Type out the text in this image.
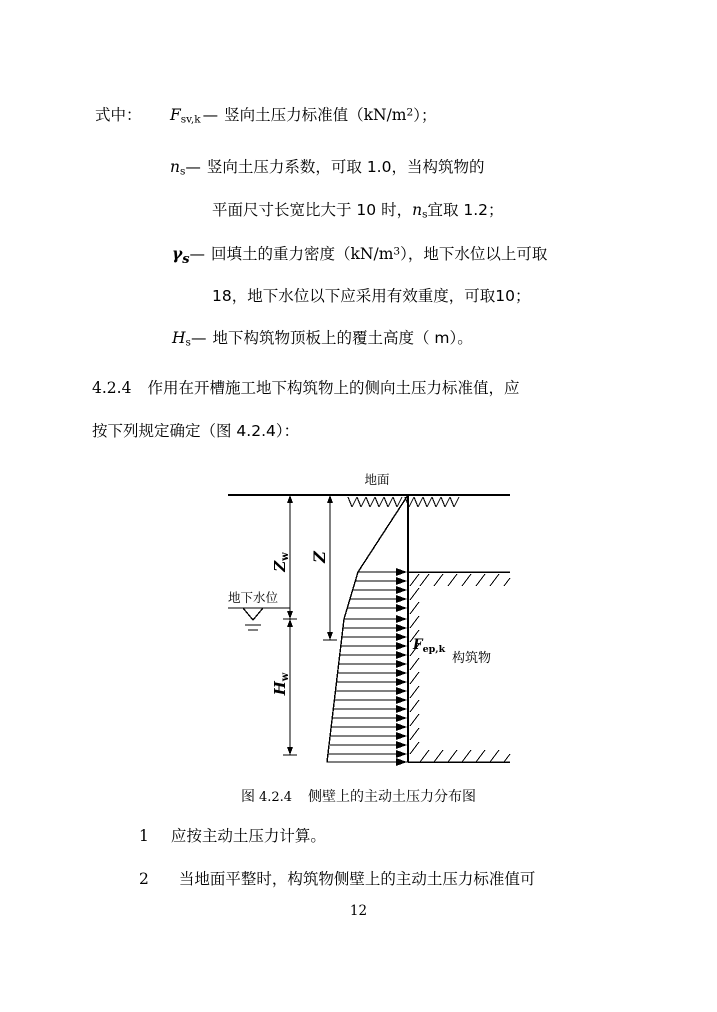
式中： $F_{sv,k}$ — 竖向土压力标准值$(kN/m^2)$；
$n_s—$ 竖向土压力系数，可取 1.0，当构筑物的
平面尺寸长宽比大于 10 时，$n_s$宜取 1.2；
$\gamma_s—$ 回填土的重力密度$(kN/m^3)$，地下水位以上可取
18，地下水位以下应采用有效重度，可取10；
$H_s—$ 地下构筑物顶板上的覆土高度（ m）。
4.2.4 作用在开槽施工地下构筑物上的侧向土压力标准值，应
按下列规定确定（图 4.2.4）：
地面
地下水位
构筑物
$Z_w$ Z
$H_w$
$F_{ep,k}$
图 4.2.4 侧壁上的主动土压力分布图
1 应按主动土压力计算。
2 当地面平整时，构筑物侧壁上的主动土压力标准值可
12
